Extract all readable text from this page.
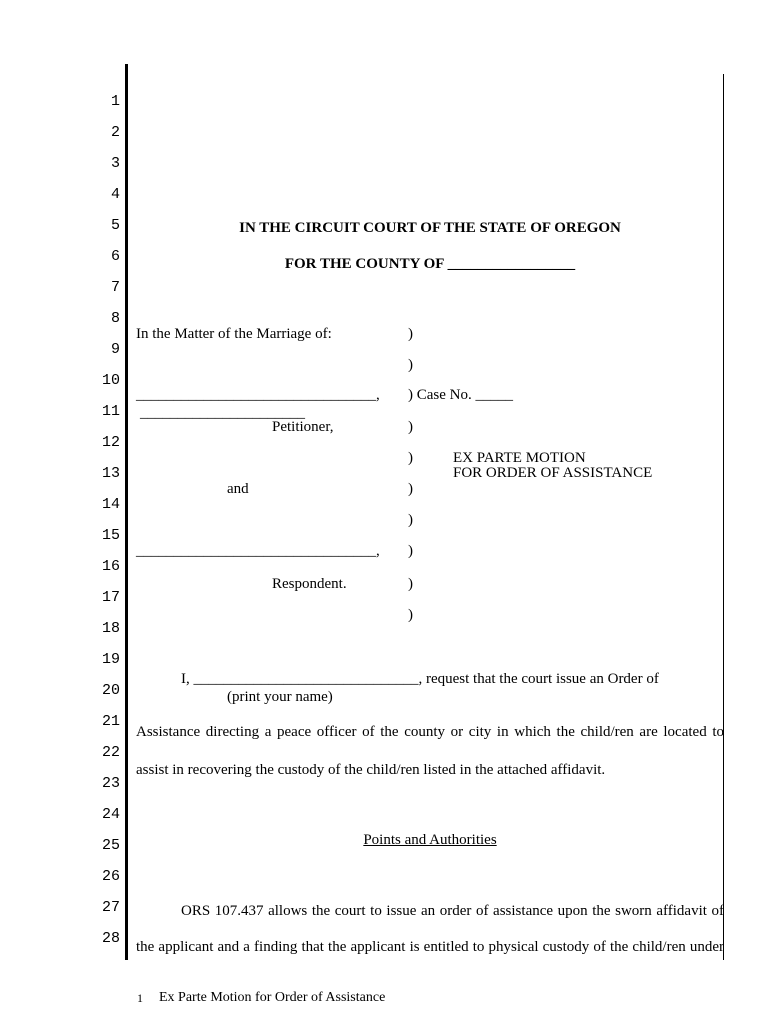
1
2
3
4
5
6
7
8
9
10
11
12
13
14
15
16
17
18
19
20
21
22
23
24
25
26
27
28
IN THE CIRCUIT COURT OF THE STATE OF OREGON
FOR THE COUNTY OF _________________
In the Matter of the Marriage of:
________________________________,
______________________
Petitioner,
and
________________________________,
Respondent.
)
)
) Case No. _____
)
)
)
)
)
)
)
EX PARTE MOTION
FOR ORDER OF ASSISTANCE
I, ______________________________, request that the court issue an Order of
(print your name)
Assistance directing a peace officer of the county or city in which the child/ren are located to
assist in recovering the custody of the child/ren listed in the attached affidavit.
Points and Authorities
ORS 107.437 allows the court to issue an order of assistance upon the sworn affidavit of
the applicant and a finding that the applicant is entitled to physical custody of the child/ren under
1 Ex Parte Motion for Order of Assistance
